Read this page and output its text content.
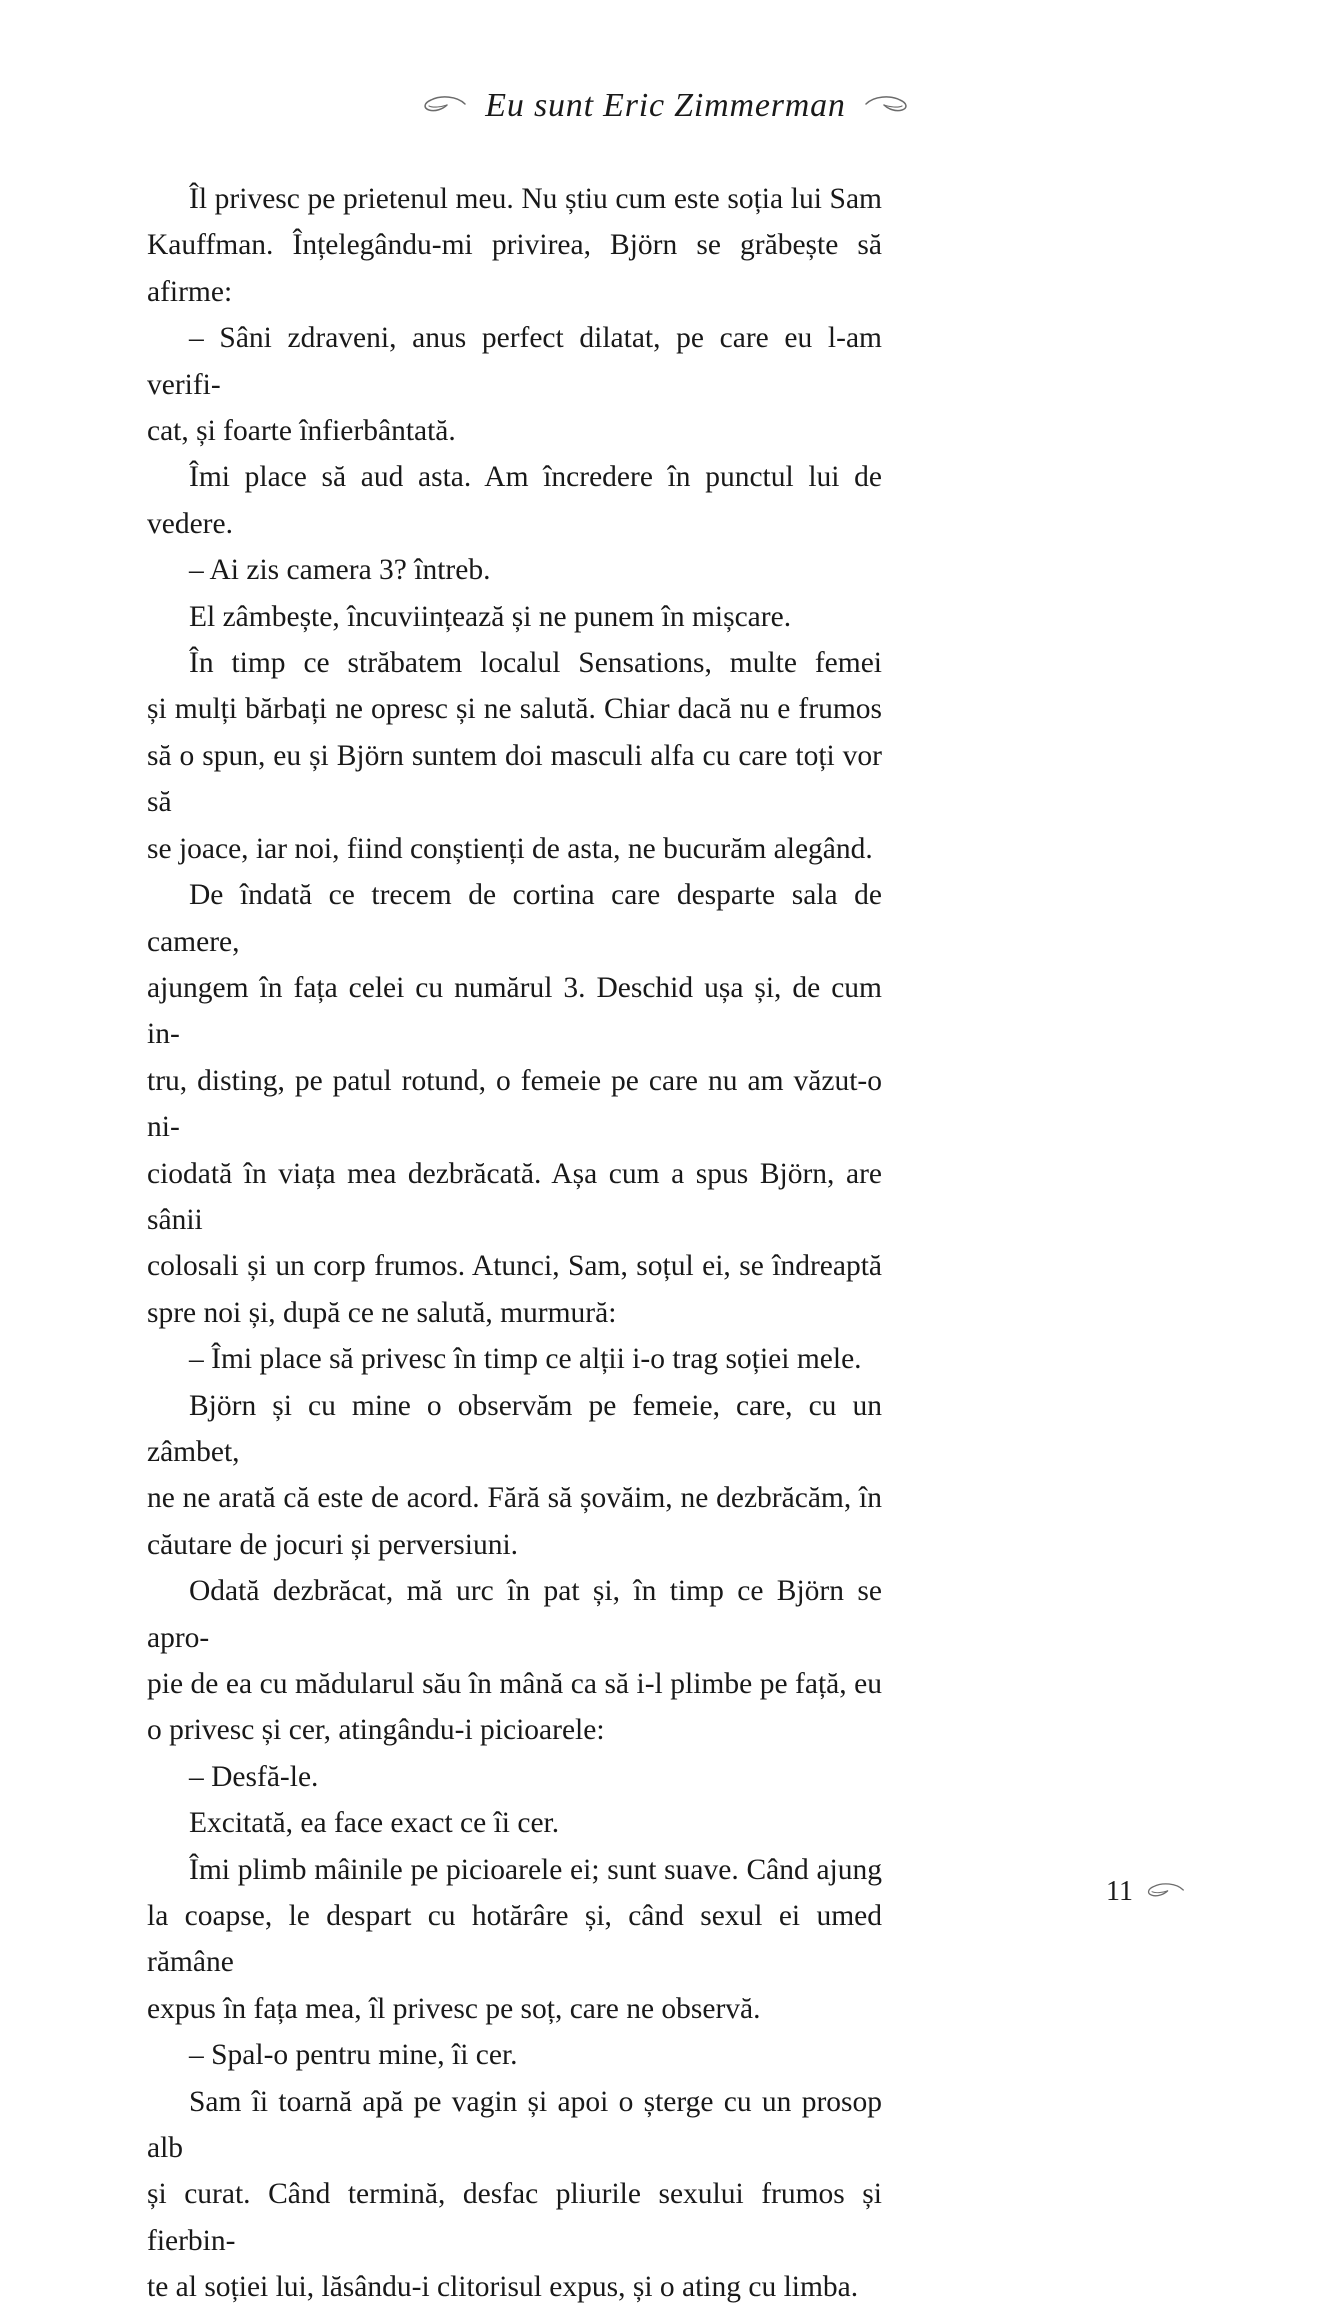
Eu sunt Eric Zimmerman

Îl privesc pe prietenul meu. Nu știu cum este soția lui Sam
Kauffman. Înțelegându-mi privirea, Björn se grăbește să afirme:

– Sâni zdraveni, anus perfect dilatat, pe care eu l-am verifi-
cat, și foarte înfierbântată.

Îmi place să aud asta. Am încredere în punctul lui de vedere.

– Ai zis camera 3? întreb.

El zâmbește, încuviințează și ne punem în mișcare.

În timp ce străbatem localul Sensations, multe femei
și mulți bărbați ne opresc și ne salută. Chiar dacă nu e frumos
să o spun, eu și Björn suntem doi masculi alfa cu care toți vor să
se joace, iar noi, fiind conștienți de asta, ne bucurăm alegând.

De îndată ce trecem de cortina care desparte sala de camere,
ajungem în fața celei cu numărul 3. Deschid ușa și, de cum in-
tru, disting, pe patul rotund, o femeie pe care nu am văzut-o ni-
ciodată în viața mea dezbrăcată. Așa cum a spus Björn, are sânii
colosali și un corp frumos. Atunci, Sam, soțul ei, se îndreaptă
spre noi și, după ce ne salută, murmură:

– Îmi place să privesc în timp ce alții i-o trag soției mele.

Björn și cu mine o observăm pe femeie, care, cu un zâmbet,
ne ne arată că este de acord. Fără să șovăim, ne dezbrăcăm, în
căutare de jocuri și perversiuni.

Odată dezbrăcat, mă urc în pat și, în timp ce Björn se apro-
pie de ea cu mădularul său în mână ca să i-l plimbe pe față, eu
o privesc și cer, atingându-i picioarele:

– Desfă-le.

Excitată, ea face exact ce îi cer.

Îmi plimb mâinile pe picioarele ei; sunt suave. Când ajung
la coapse, le despart cu hotărâre și, când sexul ei umed rămâne
expus în fața mea, îl privesc pe soț, care ne observă.

– Spal-o pentru mine, îi cer.

Sam îi toarnă apă pe vagin și apoi o șterge cu un prosop alb
și curat. Când termină, desfac pliurile sexului frumos și fierbin-
te al soției lui, lăsându-i clitorisul expus, și o ating cu limba.

11
